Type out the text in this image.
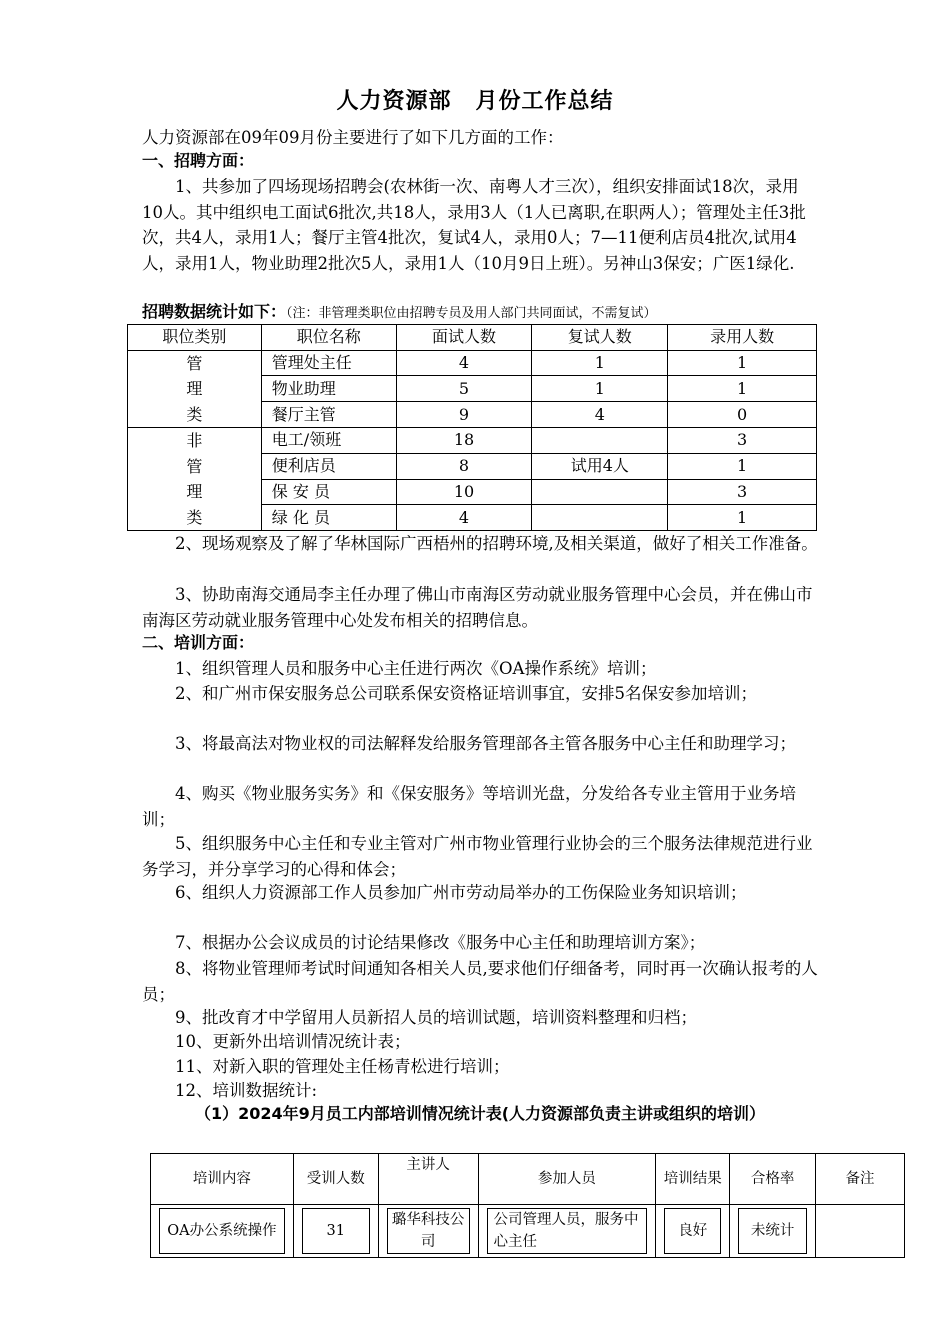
人力资源部 月份工作总结
人力资源部在09年09月份主要进行了如下几方面的工作：
一、招聘方面：
1、共参加了四场现场招聘会(农林街一次、南粤人才三次），组织安排面试18次，录用10人。其中组织电工面试6批次,共18人，录用3人（1人已离职,在职两人）；管理处主任3批次，共4人，录用1人；餐厅主管4批次，复试4人，录用0人；7—11便利店员4批次,试用4人，录用1人，物业助理2批次5人，录用1人（10月9日上班）。另神山3保安；广医1绿化.
招聘数据统计如下：（注：非管理类职位由招聘专员及用人部门共同面试，不需复试）
职位类别	职位名称	面试人数	复试人数	录用人数

管
理
类	管理处主任	4	1	1
	物业助理	5	1	1
	餐厅主管	9	4	0

非
管
理
类	电工/领班	18		3
	便利店员	8	试用4人	1
	保 安 员	10		3
	绿 化 员	4		1
2、现场观察及了解了华林国际广西梧州的招聘环境,及相关渠道，做好了相关工作准备。
3、协助南海交通局李主任办理了佛山市南海区劳动就业服务管理中心会员，并在佛山市南海区劳动就业服务管理中心处发布相关的招聘信息。
二、培训方面：
1、组织管理人员和服务中心主任进行两次《OA操作系统》培训；
2、和广州市保安服务总公司联系保安资格证培训事宜，安排5名保安参加培训；
3、将最高法对物业权的司法解释发给服务管理部各主管各服务中心主任和助理学习；
4、购买《物业服务实务》和《保安服务》等培训光盘，分发给各专业主管用于业务培训；
5、组织服务中心主任和专业主管对广州市物业管理行业协会的三个服务法律规范进行业务学习，并分享学习的心得和体会；
6、组织人力资源部工作人员参加广州市劳动局举办的工伤保险业务知识培训；
7、根据办公会议成员的讨论结果修改《服务中心主任和助理培训方案》；
8、将物业管理师考试时间通知各相关人员,要求他们仔细备考，同时再一次确认报考的人员；
9、批改育才中学留用人员新招人员的培训试题，培训资料整理和归档；
10、更新外出培训情况统计表；
11、对新入职的管理处主任杨青松进行培训；
12、培训数据统计:
（1）2024年9月员工内部培训情况统计表(人力资源部负责主讲或组织的培训）
培训内容	受训人数	主讲人	参加人员	培训结果	合格率	备注

OA办公系统操作	31	璐华科技公司	公司管理人员，服务中心主任	良好	未统计	
